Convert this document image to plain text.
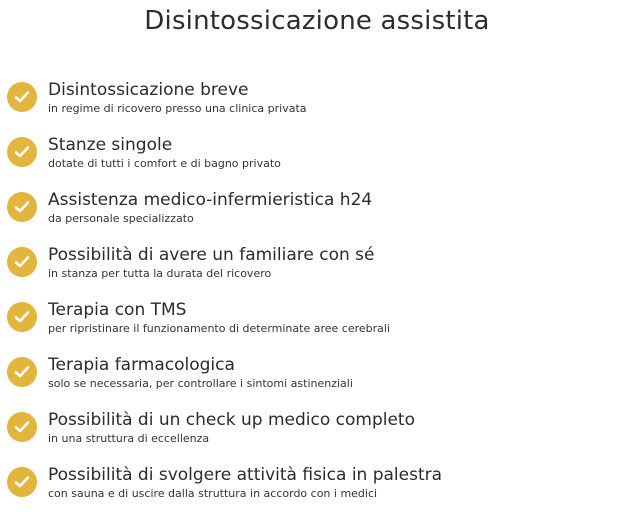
Disintossicazione assistita
Disintossicazione breve
in regime di ricovero presso una clinica privata
Stanze singole
dotate di tutti i comfort e di bagno privato
Assistenza medico-infermieristica h24
da personale specializzato
Possibilità di avere un familiare con sé
in stanza per tutta la durata del ricovero
Terapia con TMS
per ripristinare il funzionamento di determinate aree cerebrali
Terapia farmacologica
solo se necessaria, per controllare i sintomi astinenziali
Possibilità di un check up medico completo
in una struttura di eccellenza
Possibilità di svolgere attività fisica in palestra
con sauna e di uscire dalla struttura in accordo con i medici
